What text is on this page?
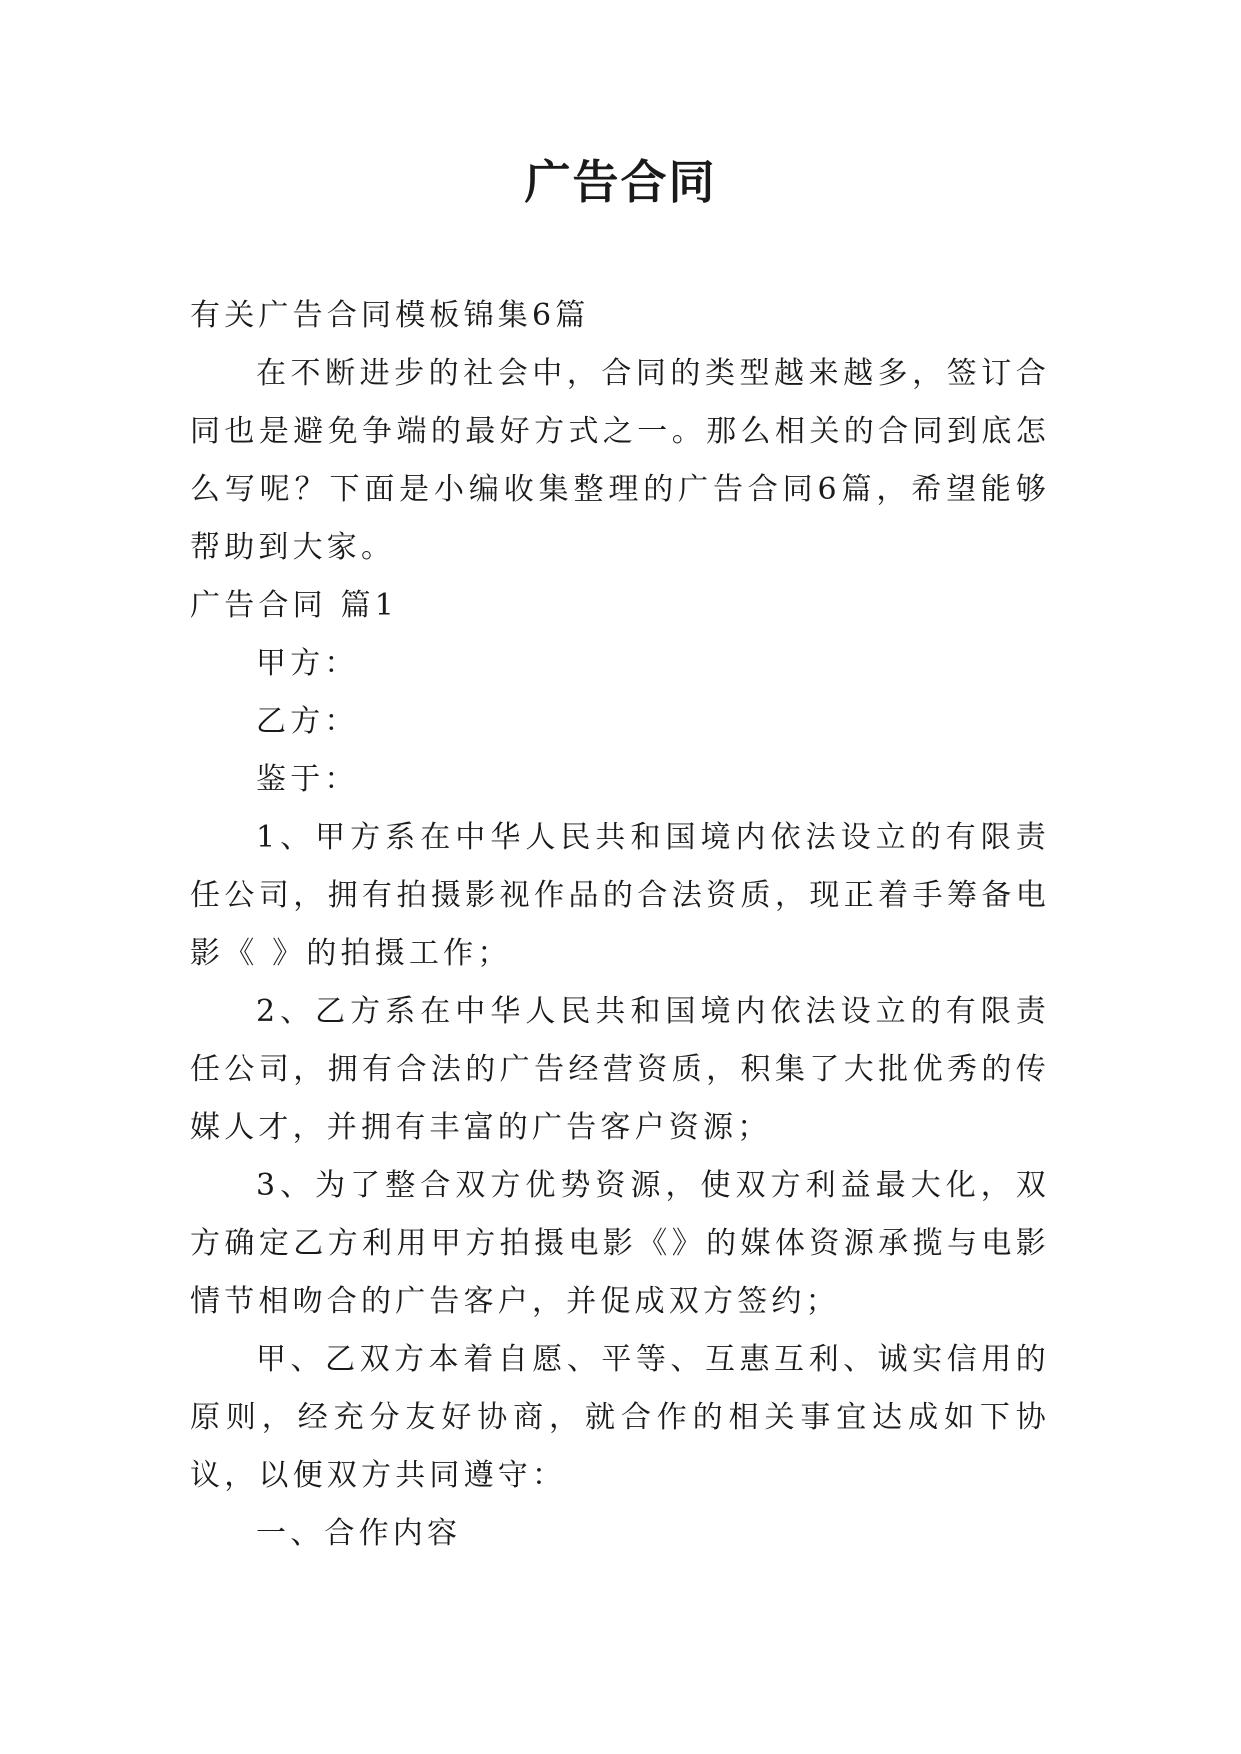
广告合同

有关广告合同模板锦集6篇

在不断进步的社会中，合同的类型越来越多，签订合同也是避免争端的最好方式之一。那么相关的合同到底怎么写呢？下面是小编收集整理的广告合同6篇，希望能够帮助到大家。

广告合同 篇1

甲方：

乙方：

鉴于：

1、甲方系在中华人民共和国境内依法设立的有限责任公司，拥有拍摄影视作品的合法资质，现正着手筹备电影《 》的拍摄工作；

2、乙方系在中华人民共和国境内依法设立的有限责任公司，拥有合法的广告经营资质，积集了大批优秀的传媒人才，并拥有丰富的广告客户资源；

3、为了整合双方优势资源，使双方利益最大化，双方确定乙方利用甲方拍摄电影《》的媒体资源承揽与电影情节相吻合的广告客户，并促成双方签约；

甲、乙双方本着自愿、平等、互惠互利、诚实信用的原则，经充分友好协商，就合作的相关事宜达成如下协议，以便双方共同遵守：

一、合作内容
